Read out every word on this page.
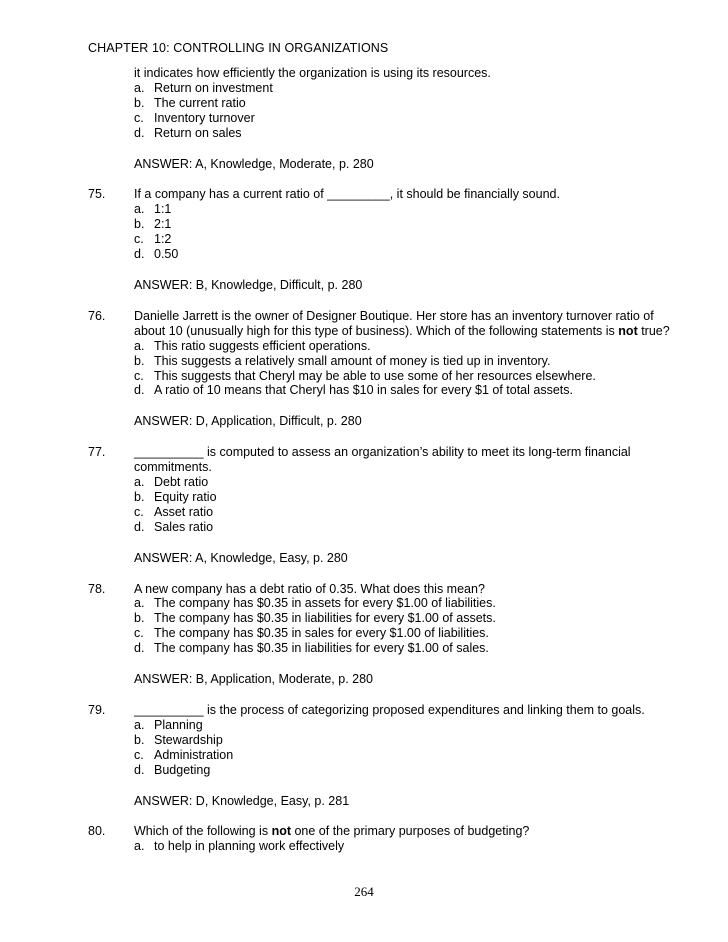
CHAPTER 10: CONTROLLING IN ORGANIZATIONS
it indicates how efficiently the organization is using its resources.
a. Return on investment
b. The current ratio
c. Inventory turnover
d. Return on sales
ANSWER: A, Knowledge, Moderate, p. 280
75.	If a company has a current ratio of _________, it should be financially sound.
a. 1:1
b. 2:1
c. 1:2
d. 0.50
ANSWER: B, Knowledge, Difficult, p. 280
76.	Danielle Jarrett is the owner of Designer Boutique. Her store has an inventory turnover ratio of about 10 (unusually high for this type of business). Which of the following statements is not true?
a. This ratio suggests efficient operations.
b. This suggests a relatively small amount of money is tied up in inventory.
c. This suggests that Cheryl may be able to use some of her resources elsewhere.
d. A ratio of 10 means that Cheryl has $10 in sales for every $1 of total assets.
ANSWER: D, Application, Difficult, p. 280
77.	__________ is computed to assess an organization’s ability to meet its long-term financial commitments.
a. Debt ratio
b. Equity ratio
c. Asset ratio
d. Sales ratio
ANSWER: A, Knowledge, Easy, p. 280
78.	A new company has a debt ratio of 0.35. What does this mean?
a. The company has $0.35 in assets for every $1.00 of liabilities.
b. The company has $0.35 in liabilities for every $1.00 of assets.
c. The company has $0.35 in sales for every $1.00 of liabilities.
d. The company has $0.35 in liabilities for every $1.00 of sales.
ANSWER: B, Application, Moderate, p. 280
79.	__________ is the process of categorizing proposed expenditures and linking them to goals.
a. Planning
b. Stewardship
c. Administration
d. Budgeting
ANSWER: D, Knowledge, Easy, p. 281
80.	Which of the following is not one of the primary purposes of budgeting?
a. to help in planning work effectively
264
